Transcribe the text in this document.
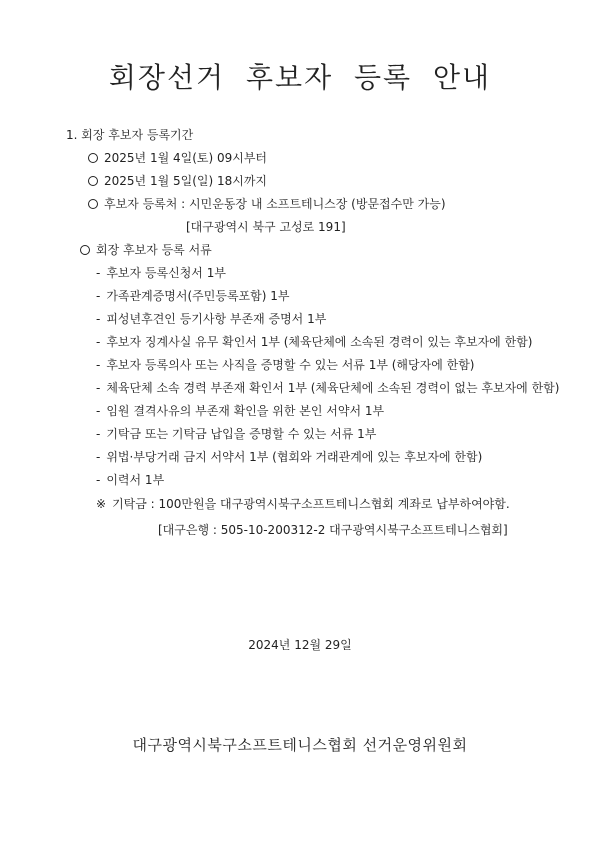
회장선거 후보자 등록 안내
1. 회장 후보자 등록기간
2025년 1월 4일(토) 09시부터
2025년 1월 5일(일) 18시까지
후보자 등록처 : 시민운동장 내 소프트테니스장 (방문접수만 가능)
[대구광역시 북구 고성로 191]
회장 후보자 등록 서류
- 후보자 등록신청서 1부
- 가족관계증명서(주민등록포함) 1부
- 피성년후견인 등기사항 부존재 증명서 1부
- 후보자 징계사실 유무 확인서 1부 (체육단체에 소속된 경력이 있는 후보자에 한함)
- 후보자 등록의사 또는 사직을 증명할 수 있는 서류 1부 (해당자에 한함)
- 체육단체 소속 경력 부존재 확인서 1부 (체육단체에 소속된 경력이 없는 후보자에 한함)
- 임원 결격사유의 부존재 확인을 위한 본인 서약서 1부
- 기탁금 또는 기탁금 납입을 증명할 수 있는 서류 1부
- 위법·부당거래 금지 서약서 1부 (협회와 거래관계에 있는 후보자에 한함)
- 이력서 1부
※ 기탁금 : 100만원을 대구광역시북구소프트테니스협회 계좌로 납부하여야함.
[대구은행 : 505-10-200312-2 대구광역시북구소프트테니스협회]
2024년 12월 29일
대구광역시북구소프트테니스협회 선거운영위원회
